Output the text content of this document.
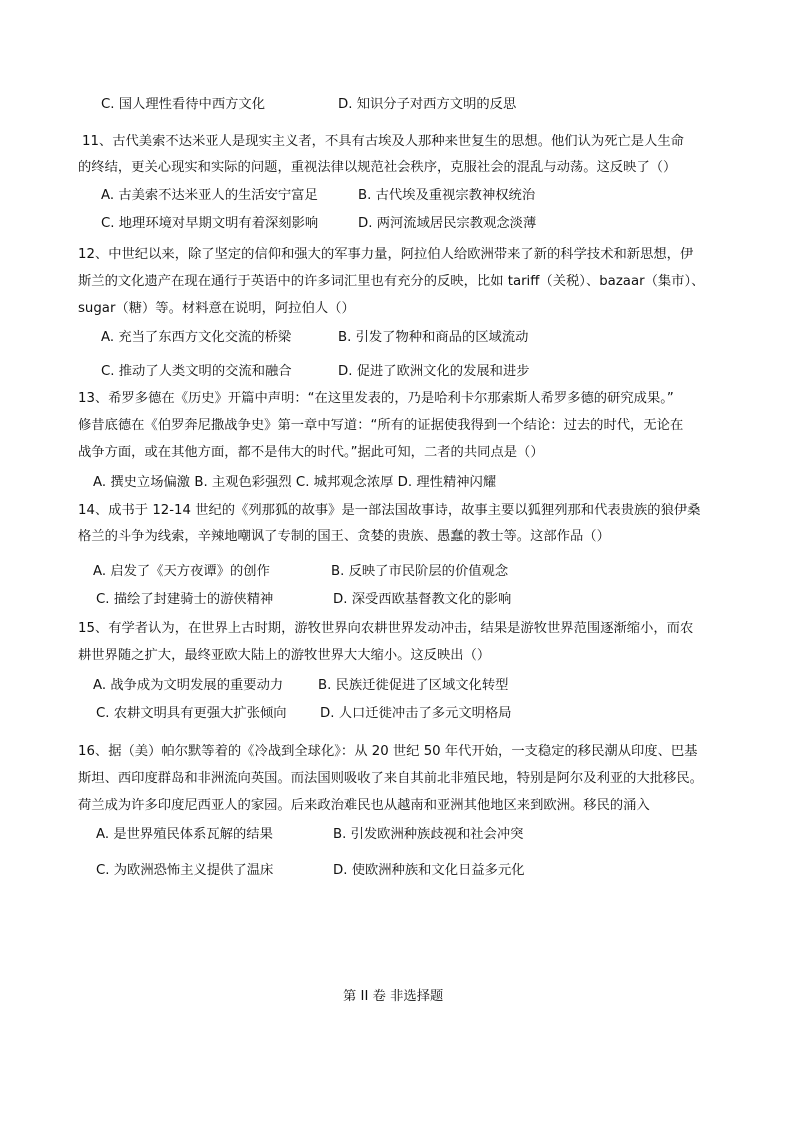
C. 国人理性看待中西方文化	D. 知识分子对西方文明的反思
11、古代美索不达米亚人是现实主义者，不具有古埃及人那种来世复生的思想。他们认为死亡是人生命
的终结，更关心现实和实际的问题，重视法律以规范社会秩序，克服社会的混乱与动荡。这反映了（）
A. 古美索不达米亚人的生活安宁富足	B. 古代埃及重视宗教神权统治
C. 地理环境对早期文明有着深刻影响	D. 两河流域居民宗教观念淡薄
12、中世纪以来，除了坚定的信仰和强大的军事力量，阿拉伯人给欧洲带来了新的科学技术和新思想，伊
斯兰的文化遗产在现在通行于英语中的许多词汇里也有充分的反映，比如 tariff（关税）、bazaar（集市）、
sugar（糖）等。材料意在说明，阿拉伯人（）
A. 充当了东西方文化交流的桥梁	B. 引发了物种和商品的区域流动
C. 推动了人类文明的交流和融合	D. 促进了欧洲文化的发展和进步
13、希罗多德在《历史》开篇中声明：“在这里发表的，乃是哈利卡尔那索斯人希罗多德的研究成果。”
修昔底德在《伯罗奔尼撒战争史》第一章中写道：“所有的证据使我得到一个结论：过去的时代，无论在
战争方面，或在其他方面，都不是伟大的时代。”据此可知，二者的共同点是（）
A. 撰史立场偏激 B. 主观色彩强烈 C. 城邦观念浓厚 D. 理性精神闪耀
14、成书于 12-14 世纪的《列那狐的故事》是一部法国故事诗，故事主要以狐狸列那和代表贵族的狼伊桑
格兰的斗争为线索，辛辣地嘲讽了专制的国王、贪婪的贵族、愚蠢的教士等。这部作品（）
A. 启发了《天方夜谭》的创作	B. 反映了市民阶层的价值观念
C. 描绘了封建骑士的游侠精神	D. 深受西欧基督教文化的影响
15、有学者认为，在世界上古时期，游牧世界向农耕世界发动冲击，结果是游牧世界范围逐渐缩小，而农
耕世界随之扩大，最终亚欧大陆上的游牧世界大大缩小。这反映出（）
A. 战争成为文明发展的重要动力	B. 民族迁徙促进了区域文化转型
C. 农耕文明具有更强大扩张倾向	D. 人口迁徙冲击了多元文明格局
16、据（美）帕尔默等着的《冷战到全球化》：从 20 世纪 50 年代开始，一支稳定的移民潮从印度、巴基
斯坦、西印度群岛和非洲流向英国。而法国则吸收了来自其前北非殖民地，特别是阿尔及利亚的大批移民。
荷兰成为许多印度尼西亚人的家园。后来政治难民也从越南和亚洲其他地区来到欧洲。移民的涌入
A. 是世界殖民体系瓦解的结果	B. 引发欧洲种族歧视和社会冲突
C. 为欧洲恐怖主义提供了温床	D. 使欧洲种族和文化日益多元化
第 II 卷 非选择题
